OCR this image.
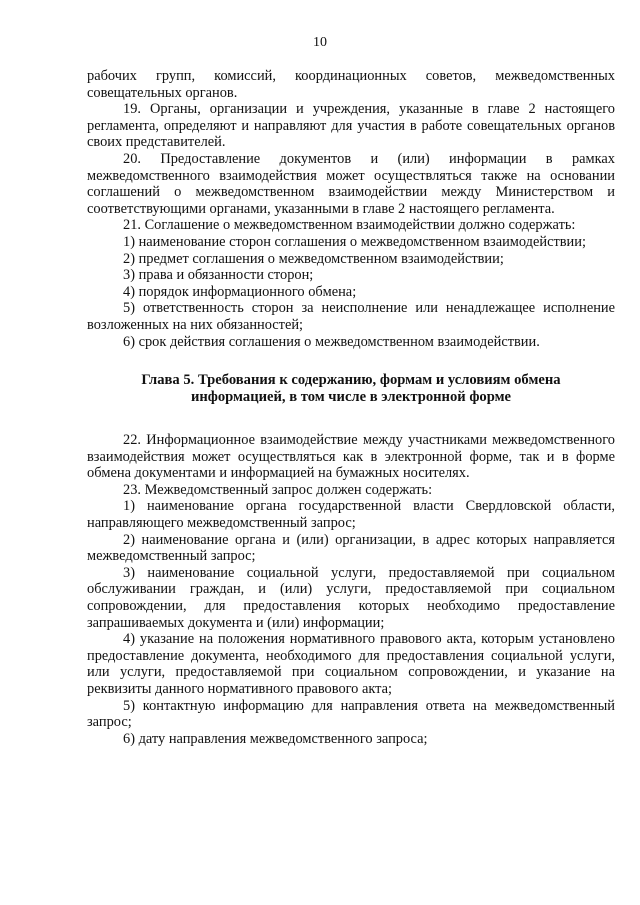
10

рабочих групп, комиссий, координационных советов, межведомственных совещательных органов.

19. Органы, организации и учреждения, указанные в главе 2 настоящего регламента, определяют и направляют для участия в работе совещательных органов своих представителей.

20. Предоставление документов и (или) информации в рамках межведомственного взаимодействия может осуществляться также на основании соглашений о межведомственном взаимодействии между Министерством и соответствующими органами, указанными в главе 2 настоящего регламента.

21. Соглашение о межведомственном взаимодействии должно содержать:

1) наименование сторон соглашения о межведомственном взаимодействии;

2) предмет соглашения о межведомственном взаимодействии;

3) права и обязанности сторон;

4) порядок информационного обмена;

5) ответственность сторон за неисполнение или ненадлежащее исполнение возложенных на них обязанностей;

6) срок действия соглашения о межведомственном взаимодействии.

Глава 5. Требования к содержанию, формам и условиям обмена
информацией, в том числе в электронной форме

22. Информационное взаимодействие между участниками межведомственного взаимодействия может осуществляться как в электронной форме, так и в форме обмена документами и информацией на бумажных носителях.

23. Межведомственный запрос должен содержать:

1) наименование органа государственной власти Свердловской области, направляющего межведомственный запрос;

2) наименование органа и (или) организации, в адрес которых направляется межведомственный запрос;

3) наименование социальной услуги, предоставляемой при социальном обслуживании граждан, и (или) услуги, предоставляемой при социальном сопровождении, для предоставления которых необходимо предоставление запрашиваемых документа и (или) информации;

4) указание на положения нормативного правового акта, которым установлено предоставление документа, необходимого для предоставления социальной услуги, или услуги, предоставляемой при социальном сопровождении, и указание на реквизиты данного нормативного правового акта;

5) контактную информацию для направления ответа на межведомственный запрос;

6) дату направления межведомственного запроса;
